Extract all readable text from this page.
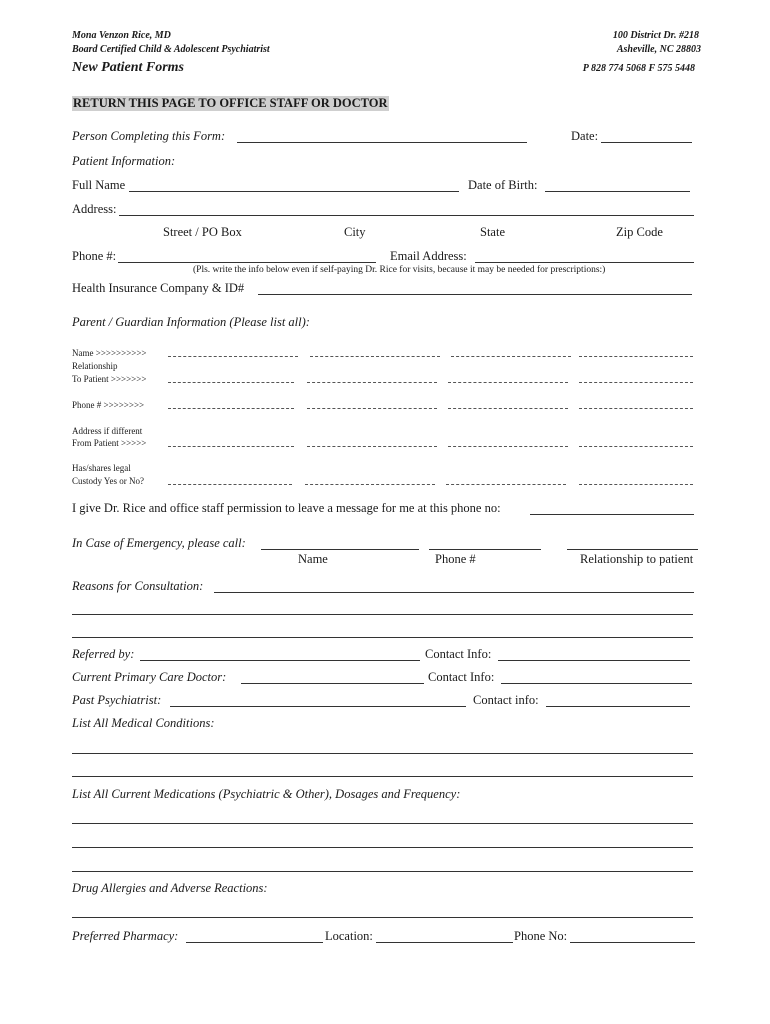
Mona Venzon Rice, MD
Board Certified Child & Adolescent Psychiatrist
New Patient Forms
100 District Dr. #218
Asheville, NC 28803
P 828 774 5068 F 575 5448
RETURN THIS PAGE TO OFFICE STAFF OR DOCTOR
Person Completing this Form:	Date:
Patient Information:
Full Name	Date of Birth:
Address:
Street / PO Box	City	State	Zip Code
Phone #:	Email Address:
(Pls. write the info below even if self-paying Dr. Rice for visits, because it may be needed for prescriptions:)
Health Insurance Company & ID#
Parent / Guardian Information (Please list all):
Name >>>>>>>>>>
Relationship
To Patient >>>>>>>
Phone # >>>>>>>>
Address if different
From Patient >>>>>
Has/shares legal
Custody Yes or No?
I give Dr. Rice and office staff permission to leave a message for me at this phone no:
In Case of Emergency, please call:
Name	Phone #	Relationship to patient
Reasons for Consultation:
Referred by:	Contact Info:
Current Primary Care Doctor:	Contact Info:
Past Psychiatrist:	Contact info:
List All Medical Conditions:
List All Current Medications (Psychiatric & Other), Dosages and Frequency:
Drug Allergies and Adverse Reactions:
Preferred Pharmacy:	Location:	Phone No:
